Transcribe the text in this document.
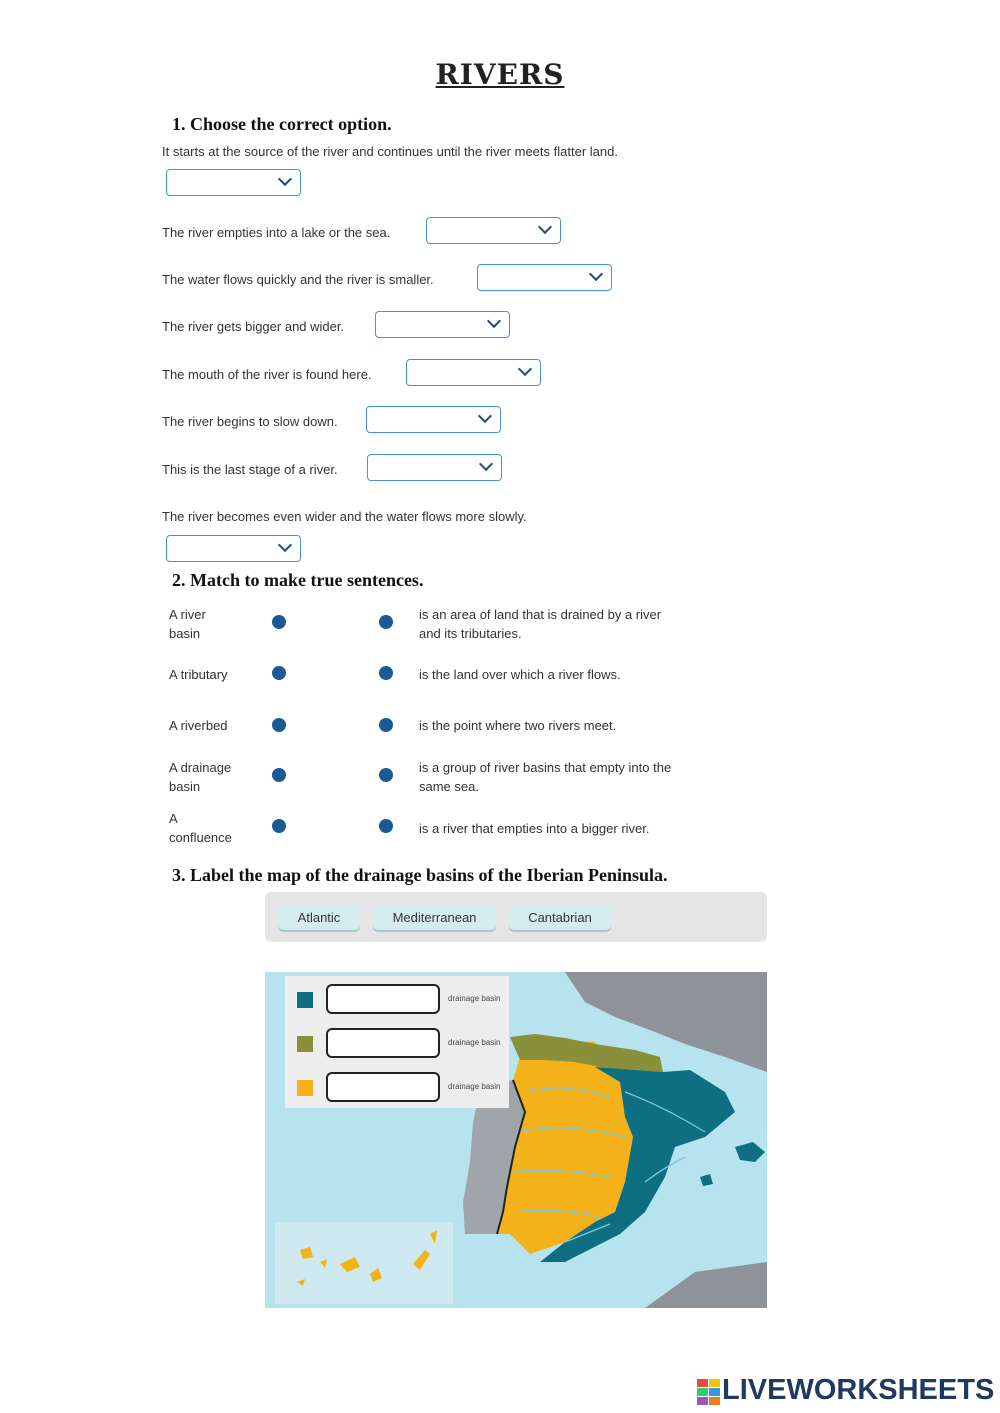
RIVERS
1. Choose the correct option.
It starts at the source of the river and continues until the river meets flatter land.
The river empties into a lake or the sea.
The water flows quickly and the river is smaller.
The river gets bigger and wider.
The mouth of the river is found here.
The river begins to slow down.
This is the last stage of a river.
The river becomes even wider and the water flows more slowly.
2. Match to make true sentences.
A river
basin
A tributary
A riverbed
A drainage
basin
A
confluence
is an area of land that is drained by a river
and its tributaries.
is the land over which a river flows.
is the point where two rivers meet.
is a group of river basins that empty into the
same sea.
is a river that empties into a bigger river.
3. Label the map of the drainage basins of the Iberian Peninsula.
Atlantic	Mediterranean	Cantabrian
drainage basin
drainage basin
drainage basin
LIVEWORKSHEETS
